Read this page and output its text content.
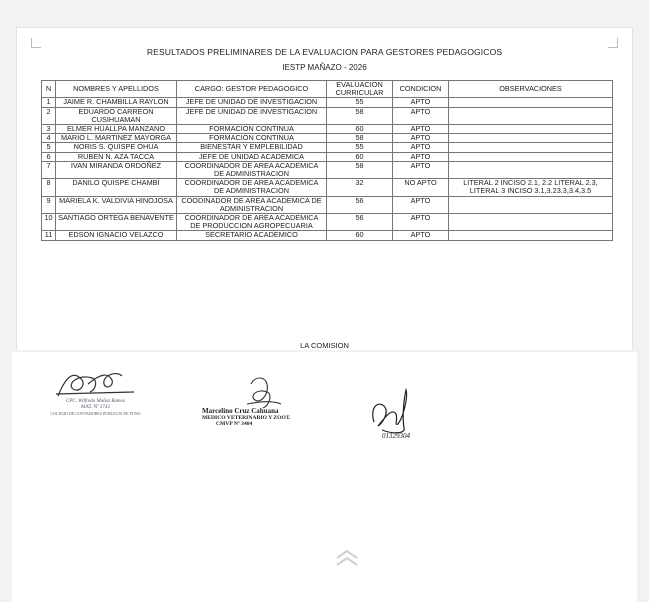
RESULTADOS PRELIMINARES DE LA EVALUACION PARA GESTORES PEDAGOGICOS
IESTP MAÑAZO - 2026
N	NOMBRES Y APELLIDOS	CARGO: GESTOR PEDAGOGICO	EVALUACION CURRICULAR	CONDICION	OBSERVACIONES
1	JAIME R. CHAMBILLA RAYLON	JEFE DE UNIDAD DE INVESTIGACION	55	APTO	
2	EDUARDO CARREON CUSIHUAMAN	JEFE DE UNIDAD DE INVESTIGACION	58	APTO	
3	ELMER HUALLPA MANZANO	FORMACION CONTINUA	60	APTO	
4	MARIO L. MARTINEZ MAYORGA	FORMACION CONTINUA	58	APTO	
5	NORIS S. QUISPE OHUA	BIENESTAR Y EMPLEBILIDAD	55	APTO	
6	RUBEN N. AZA TACCA	JEFE DE UNIDAD ACADEMICA	60	APTO	
7	IVAN MIRANDA ORDOÑEZ	COORDINADOR DE AREA ACADEMICA DE ADMINISTRACION	58	APTO	
8	DANILO QUISPE CHAMBI	COORDINADOR DE AREA ACADEMICA DE ADMINISTRACION	32	NO APTO	LITERAL 2 INCISO 2.1, 2.2 LITERAL 2.3, LITERAL 3 INCISO 3.1,3.23.3,3.4,3.5
9	MARIELA K. VALDIVIA HINOJOSA	COODINADOR DE AREA ACADEMICA DE ADMINISTRACION	56	APTO	
10	SANTIAGO ORTEGA BENAVENTE	COORDINADOR DE AREA ACADEMICA DE PRODUCCION AGROPECUARIA	56	APTO	
11	EDSON IGNACIO VELAZCO	SECRETARIO ACADEMICO	60	APTO	
LA COMISION
CPC. Wilfredo Muñoz Ramos
MAT. Nº 2742
COLEGIO DE CONTADORES PUBLICOS DE PUNO	Marcelino Cruz Cahuana
MEDICO VETERINARIO Y ZOOT.
CMVP Nº 3484
01329304
